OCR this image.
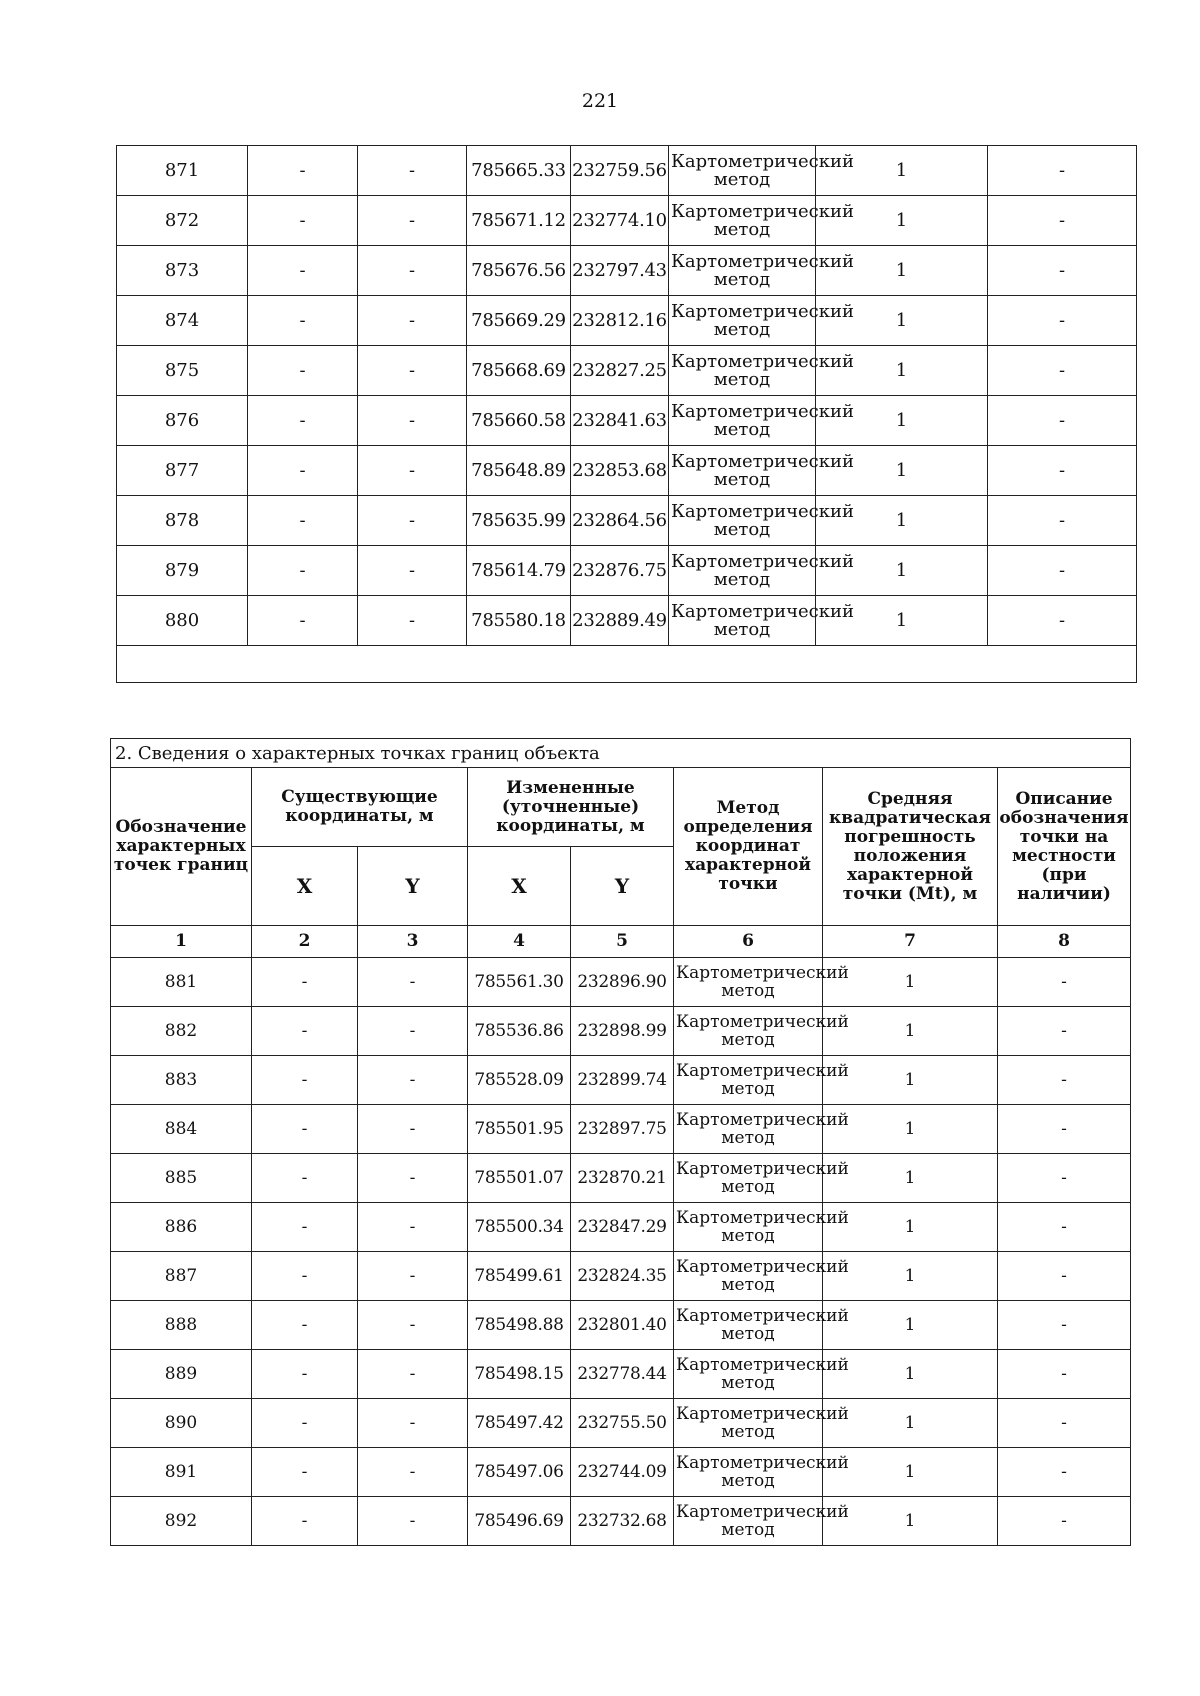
221
871	-	-	785665.33	232759.56	Картометрический метод	1	-
872	-	-	785671.12	232774.10	Картометрический метод	1	-
873	-	-	785676.56	232797.43	Картометрический метод	1	-
874	-	-	785669.29	232812.16	Картометрический метод	1	-
875	-	-	785668.69	232827.25	Картометрический метод	1	-
876	-	-	785660.58	232841.63	Картометрический метод	1	-
877	-	-	785648.89	232853.68	Картометрический метод	1	-
878	-	-	785635.99	232864.56	Картометрический метод	1	-
879	-	-	785614.79	232876.75	Картометрический метод	1	-
880	-	-	785580.18	232889.49	Картометрический метод	1	-

2. Сведения о характерных точках границ объекта							
Обозначение характерных точек границ	Существующие координаты, м		Измененные (уточненные) координаты, м		Метод определения координат характерной точки	Средняя квадратическая погрешность положения характерной точки (Mt), м	Описание обозначения точки на местности (при наличии)
	X	Y	X	Y			
1	2	3	4	5	6	7	8
881	-	-	785561.30	232896.90	Картометрический метод	1	-
882	-	-	785536.86	232898.99	Картометрический метод	1	-
883	-	-	785528.09	232899.74	Картометрический метод	1	-
884	-	-	785501.95	232897.75	Картометрический метод	1	-
885	-	-	785501.07	232870.21	Картометрический метод	1	-
886	-	-	785500.34	232847.29	Картометрический метод	1	-
887	-	-	785499.61	232824.35	Картометрический метод	1	-
888	-	-	785498.88	232801.40	Картометрический метод	1	-
889	-	-	785498.15	232778.44	Картометрический метод	1	-
890	-	-	785497.42	232755.50	Картометрический метод	1	-
891	-	-	785497.06	232744.09	Картометрический метод	1	-
892	-	-	785496.69	232732.68	Картометрический метод	1	-
